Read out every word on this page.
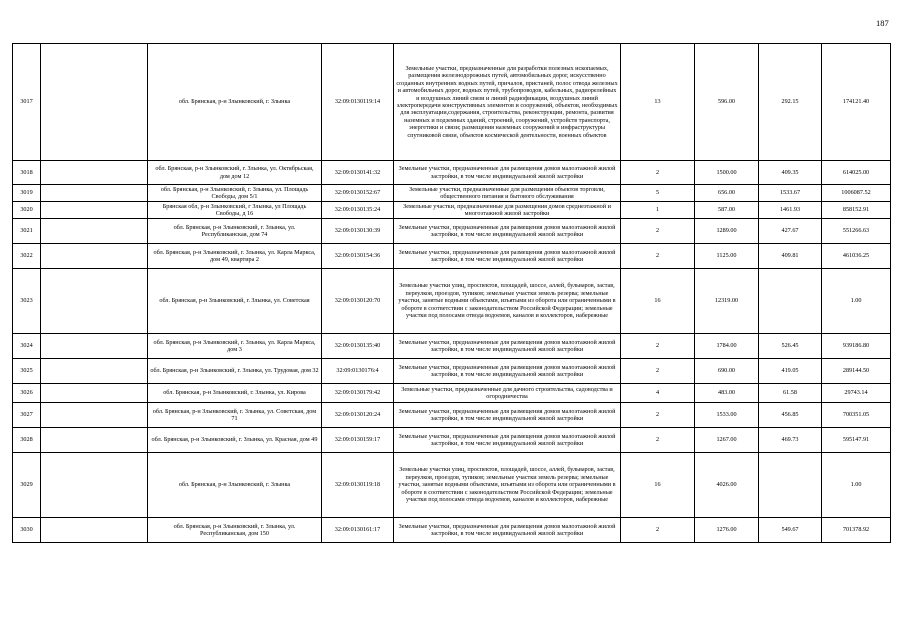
187
3017		обл. Брянская, р-н Злынковский, г. Злынка	32:09:0130119:14	Земельные участки, предназначенные для разработки полезных ископаемых, размещения железнодорожных путей, автомобильных дорог, искусственно созданных внутренних водных путей, причалов, пристаней, полос отвода железных и автомобильных дорог, водных путей, трубопроводов, кабельных, радиорелейных и воздушных линий связи и линий радиофикации, воздушных линий электропередачи конструктивных элементов и сооружений, объектов, необходимых для эксплуатации,содержания, строительства, реконструкции, ремонта, развития наземных и подземных зданий, строений, сооружений, устройств транспорта, энергетики и связи; размещения наземных сооружений и инфраструктуры спутниковой связи, объектов космической деятельности, военных объектов	13	596.00	292.15	174121.40
3018		обл. Брянская, р-н Злынковский, г. Злынка, ул. Октябрьская, дом дом 12	32:09:0130141:32	Земельные участки, предназначенные для размещения домов малоэтажной жилой застройки, в том числе индивидуальной жилой застройки	2	1500.00	409.35	614025.00
3019		обл. Брянская, р-н Злынковский, г. Злынка, ул. Площадь Свободы, дом 5/1	32:09:0130152:67	Земельные участки, предназначенные для размещения объектов торговли, общественного питания и бытового обслуживания	5	656.00	1533.67	1006087.52
3020		Брянская обл, р-н Злынковский, г Злынка, ул Площадь Свободы, д 16	32:09:0130135:24	Земельные участки, предназначенные для размещения домов среднеэтажной и многоэтажной жилой застройки	1	587.00	1461.93	858152.91
3021		обл. Брянская, р-н Злынковский, г. Злынка, ул. Республиканская, дом 74	32:09:0130130:39	Земельные участки, предназначенные для размещения домов малоэтажной жилой застройки, в том числе индивидуальной жилой застройки	2	1289.00	427.67	551266.63
3022		обл. Брянская, р-н Злынковский, г. Злынка, ул. Карла Маркса, дом 49, квартира 2	32:09:0130154:36	Земельные участки, предназначенные для размещения домов малоэтажной жилой застройки, в том числе индивидуальной жилой застройки	2	1125.00	409.81	461036.25
3023		обл. Брянская, р-н Злынковский, г. Злынка, ул. Советская	32:09:0130120:70	Земельные участки улиц, проспектов, площадей, шоссе, аллей, бульваров, застав, переулков, проездов, тупиков; земельные участки земель резерва; земельные участки, занятые водными объектами, изъятыми из оборота или ограниченными в обороте в соответствии с законодательством Российской Федерации; земельные участки под полосами отвода водоемов, каналов и коллекторов, набережные	16	12319.00		1.00
3024		обл. Брянская, р-н Злынковский, г. Злынка, ул. Карла Маркса, дом 3	32:09:0130135:40	Земельные участки, предназначенные для размещения домов малоэтажной жилой застройки, в том числе индивидуальной жилой застройки	2	1784.00	526.45	939186.80
3025		обл. Брянская, р-н Злынковский, г. Злынка, ул. Трудовая, дом 32	32:09:0130176:4	Земельные участки, предназначенные для размещения домов малоэтажной жилой застройки, в том числе индивидуальной жилой застройки	2	690.00	419.05	289144.50
3026		обл. Брянская, р-н Злынковский, г. Злынка, ул. Кирова	32:09:0130179:42	Земельные участки, предназначенные для дачного строительства, садоводства и огородничества	4	483.00	61.58	29743.14
3027		обл. Брянская, р-н Злынковский, г. Злынка, ул. Советская, дом 71	32:09:0130120:24	Земельные участки, предназначенные для размещения домов малоэтажной жилой застройки, в том числе индивидуальной жилой застройки	2	1533.00	456.85	700351.05
3028		обл. Брянская, р-н Злынковский, г. Злынка, ул. Красная, дом 49	32:09:0130159:17	Земельные участки, предназначенные для размещения домов малоэтажной жилой застройки, в том числе индивидуальной жилой застройки	2	1267.00	469.73	595147.91
3029		обл. Брянская, р-н Злынковский, г. Злынка	32:09:0130119:18	Земельные участки улиц, проспектов, площадей, шоссе, аллей, бульваров, застав, переулков, проездов, тупиков; земельные участки земель резерва; земельные участки, занятые водными объектами, изъятыми из оборота или ограниченными в обороте в соответствии с законодательством Российской Федерации; земельные участки под полосами отвода водоемов, каналов и коллекторов, набережные	16	4026.00		1.00
3030		обл. Брянская, р-н Злынковский, г. Злынка, ул. Республиканская, дом 150	32:09:0130161:17	Земельные участки, предназначенные для размещения домов малоэтажной жилой застройки, в том числе индивидуальной жилой застройки	2	1276.00	549.67	701378.92
